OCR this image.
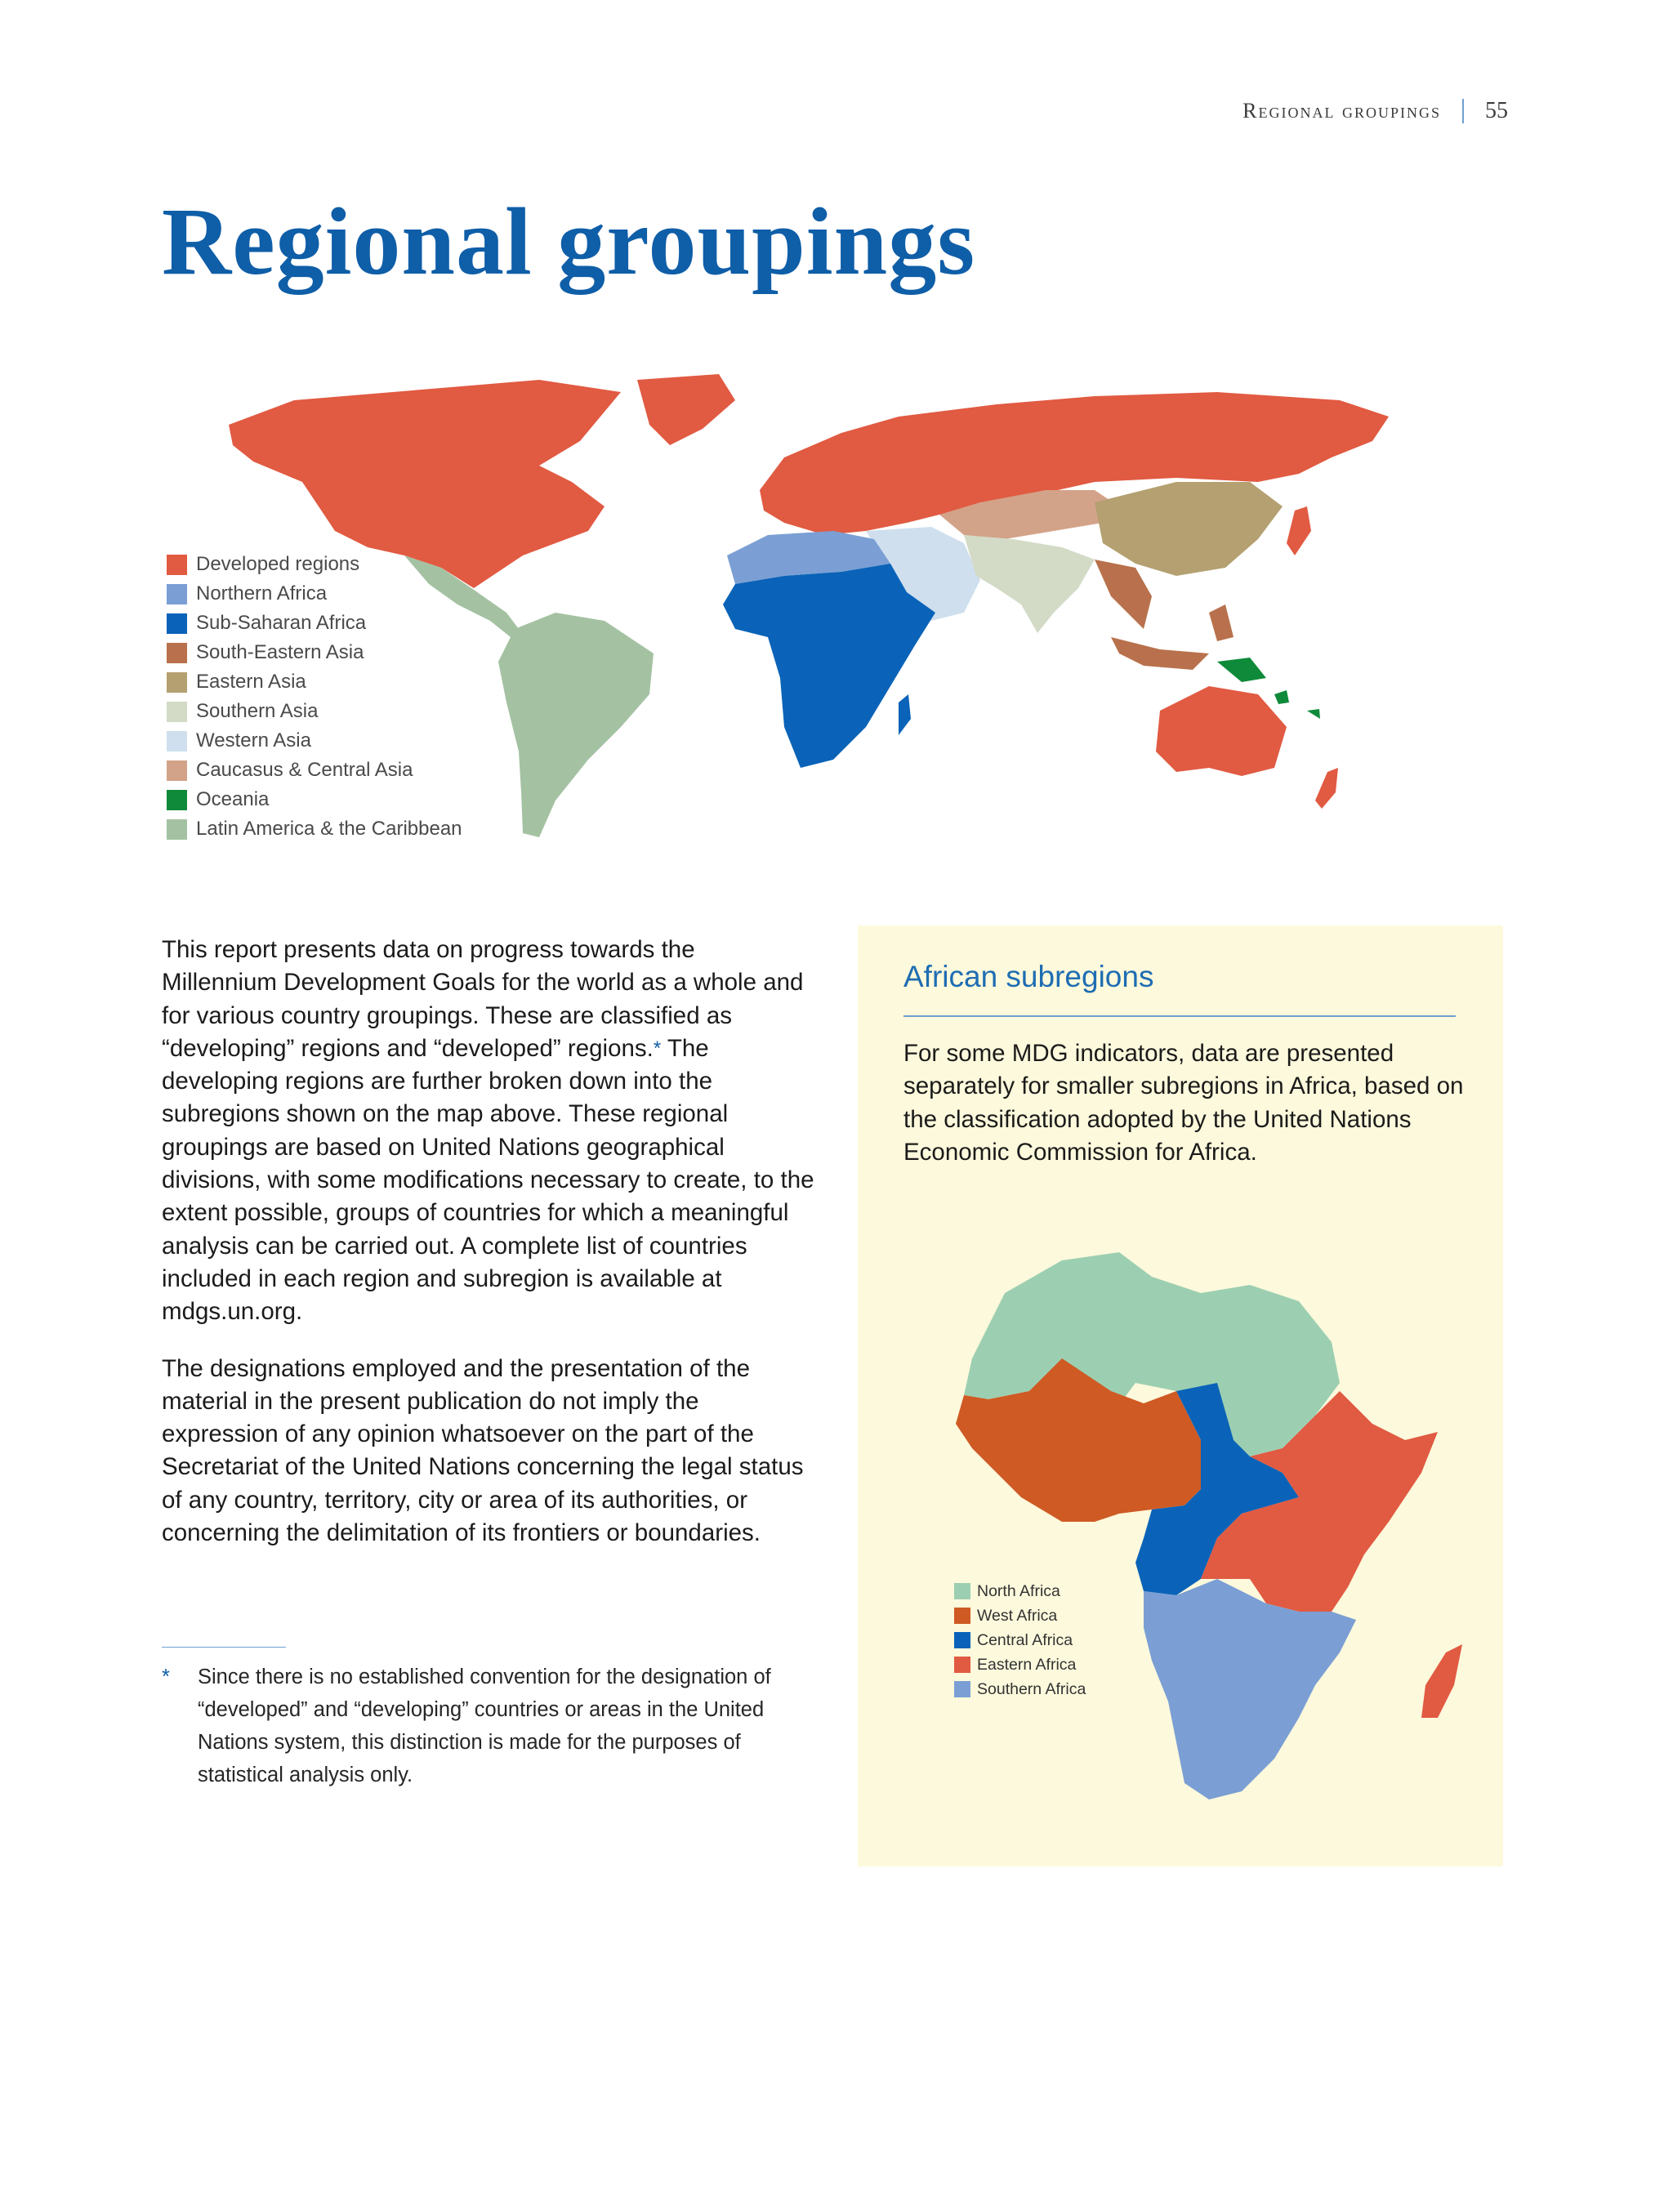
Regional groupings 55
Regional groupings
Developed regions
Northern Africa
Sub-Saharan Africa
South-Eastern Asia
Eastern Asia
Southern Asia
Western Asia
Caucasus & Central Asia
Oceania
Latin America & the Caribbean

This report presents data on progress towards the Millennium Development Goals for the world as a whole and for various country groupings. These are classified as “developing” regions and “developed” regions.* The developing regions are further broken down into the subregions shown on the map above. These regional groupings are based on United Nations geographical divisions, with some modifications necessary to create, to the extent possible, groups of countries for which a meaningful analysis can be carried out. A complete list of countries included in each region and subregion is available at mdgs.un.org.

The designations employed and the presentation of the material in the present publication do not imply the expression of any opinion whatsoever on the part of the Secretariat of the United Nations concerning the legal status of any country, territory, city or area of its authorities, or concerning the delimitation of its frontiers or boundaries.

* Since there is no established convention for the designation of “developed” and “developing” countries or areas in the United Nations system, this distinction is made for the purposes of statistical analysis only.
African subregions

For some MDG indicators, data are presented separately for smaller subregions in Africa, based on the classification adopted by the United Nations Economic Commission for Africa.

North Africa
West Africa
Central Africa
Eastern Africa
Southern Africa
